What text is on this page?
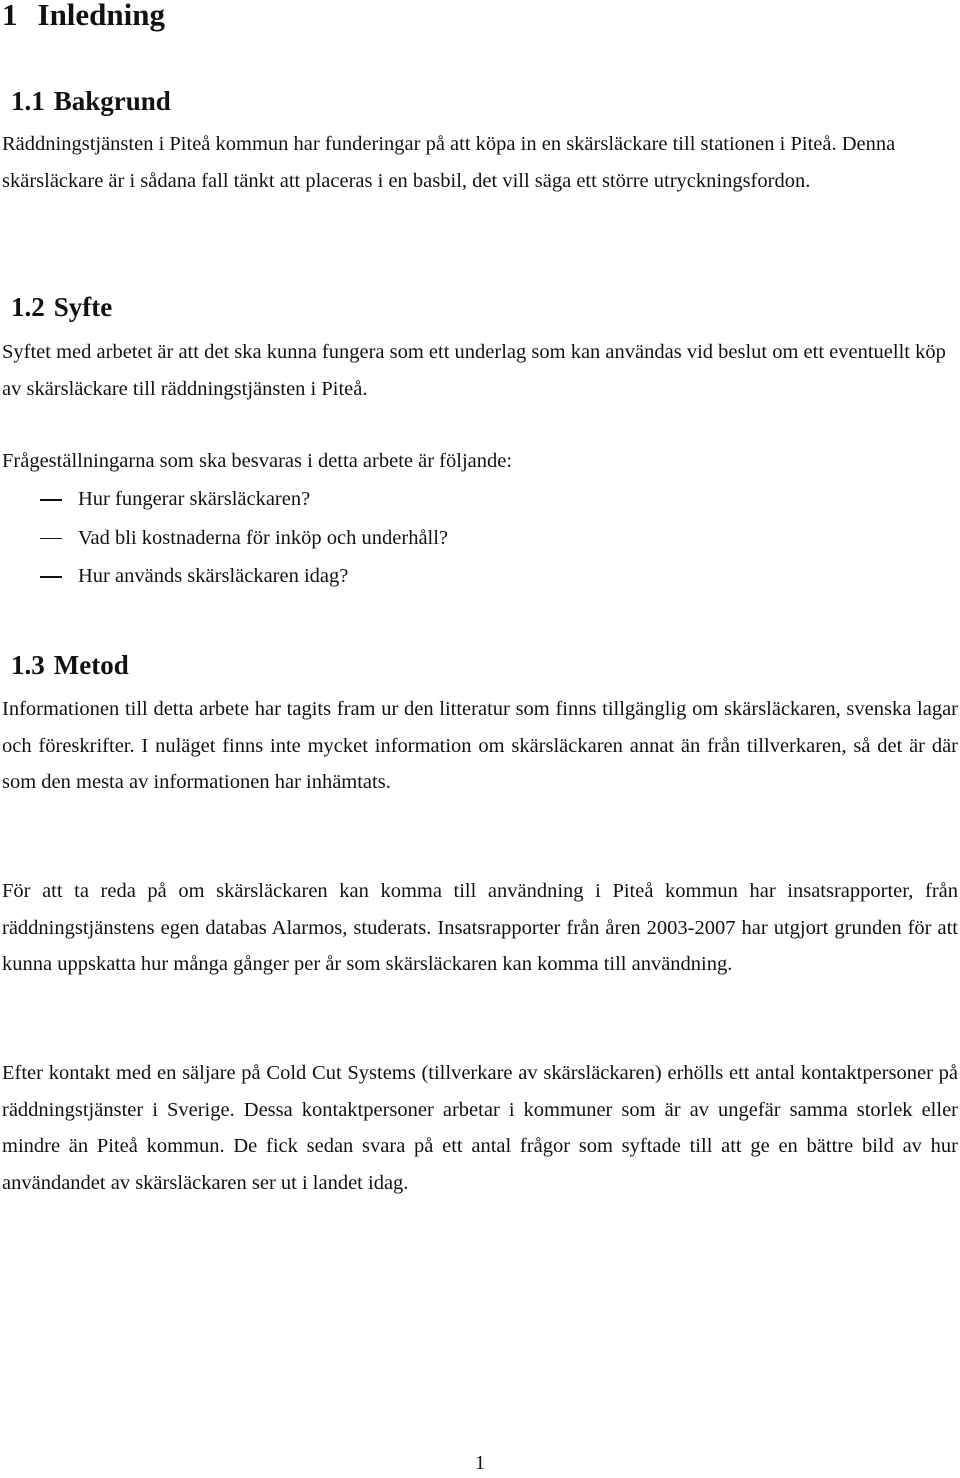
1 Inledning
1.1 Bakgrund

Räddningstjänsten i Piteå kommun har funderingar på att köpa in en skärsläckare till stationen i Piteå. Denna skärsläckare är i sådana fall tänkt att placeras i en basbil, det vill säga ett större utryckningsfordon.

1.2 Syfte

Syftet med arbetet är att det ska kunna fungera som ett underlag som kan användas vid beslut om ett eventuellt köp av skärsläckare till räddningstjänsten i Piteå.

Frågeställningarna som ska besvaras i detta arbete är följande:

Hur fungerar skärsläckaren?
Vad bli kostnaderna för inköp och underhåll?
Hur används skärsläckaren idag?
1.3 Metod

Informationen till detta arbete har tagits fram ur den litteratur som finns tillgänglig om skärsläckaren, svenska lagar och föreskrifter. I nuläget finns inte mycket information om skärsläckaren annat än från tillverkaren, så det är där som den mesta av informationen har inhämtats.

För att ta reda på om skärsläckaren kan komma till användning i Piteå kommun har insatsrapporter, från räddningstjänstens egen databas Alarmos, studerats. Insatsrapporter från åren 2003-2007 har utgjort grunden för att kunna uppskatta hur många gånger per år som skärsläckaren kan komma till användning.

Efter kontakt med en säljare på Cold Cut Systems (tillverkare av skärsläckaren) erhölls ett antal kontaktpersoner på räddningstjänster i Sverige. Dessa kontaktpersoner arbetar i kommuner som är av ungefär samma storlek eller mindre än Piteå kommun. De fick sedan svara på ett antal frågor som syftade till att ge en bättre bild av hur användandet av skärsläckaren ser ut i landet idag.

1
